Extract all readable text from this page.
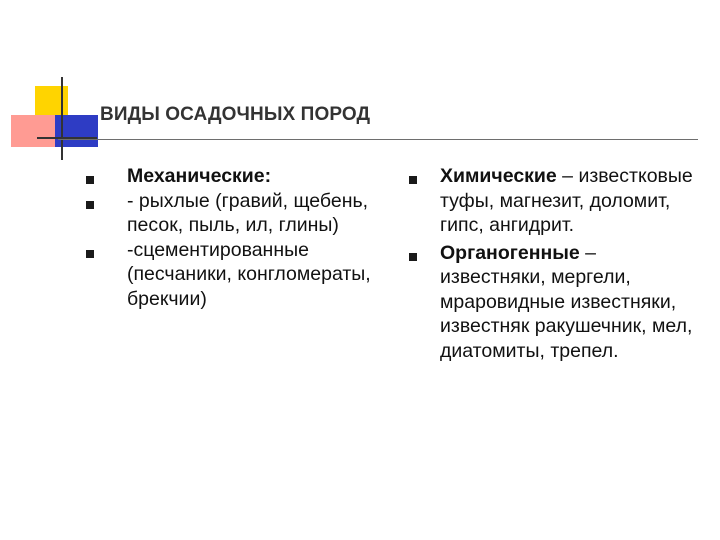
ВИДЫ ОСАДОЧНЫХ ПОРОД
Механические:
- рыхлые (гравий, щебень, песок, пыль, ил, глины)
-сцементированные (песчаники, конгломераты, брекчии)
Химические – известковые туфы, магнезит, доломит, гипс, ангидрит.
Органогенные – известняки, мергели, мраровидные известняки, известняк ракушечник, мел, диатомиты, трепел.
